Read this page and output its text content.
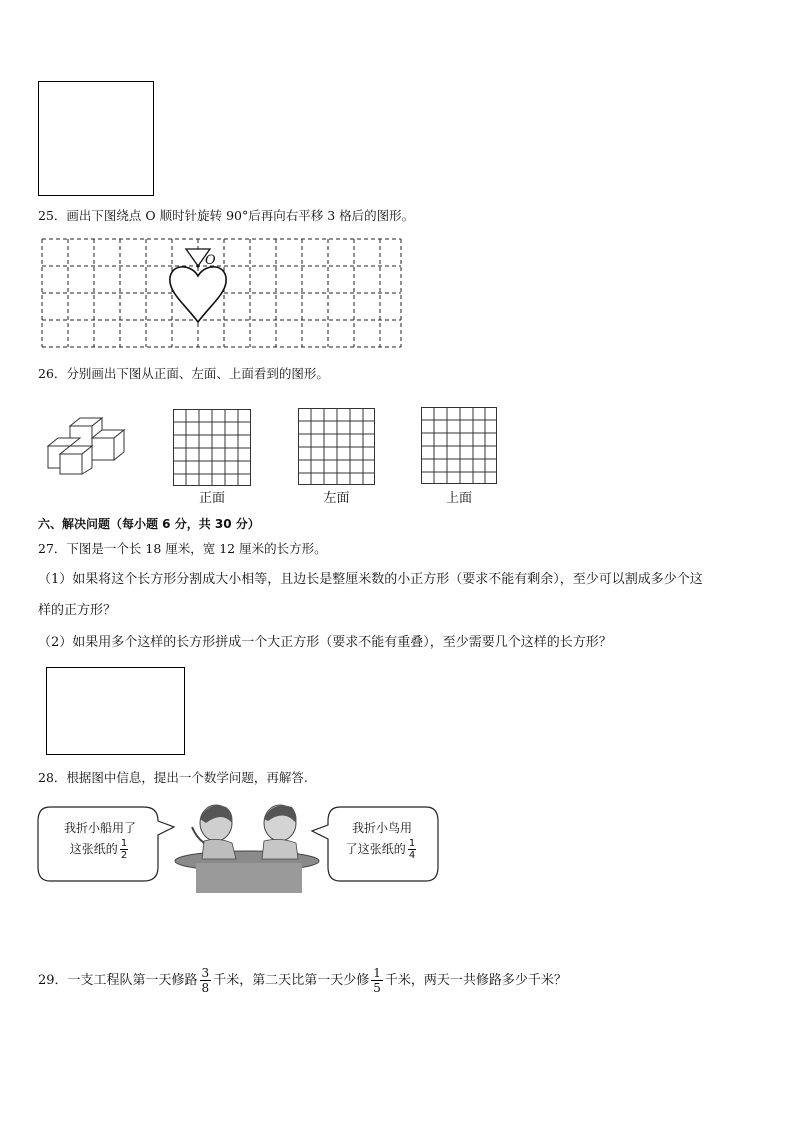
25．画出下图绕点 O 顺时针旋转 90°后再向右平移 3 格后的图形。
O
26．分别画出下图从正面、左面、上面看到的图形。
正面	左面	上面
六、解决问题（每小题 6 分，共 30 分）
27．下图是一个长 18 厘米，宽 12 厘米的长方形。
（1）如果将这个长方形分割成大小相等，且边长是整厘米数的小正方形（要求不能有剩余），至少可以割成多少个这
样的正方形？
（2）如果用多个这样的长方形拼成一个大正方形（要求不能有重叠），至少需要几个这样的长方形？
28．根据图中信息，提出一个数学问题，再解答.
我折小船用了
这张纸的 $\frac{1}{2}$
我折小鸟用
了这张纸的 $\frac{1}{4}$
29．一支工程队第一天修路 $\frac{3}{8}$ 千米，第二天比第一天少修 $\frac{1}{5}$ 千米，两天一共修路多少千米？
